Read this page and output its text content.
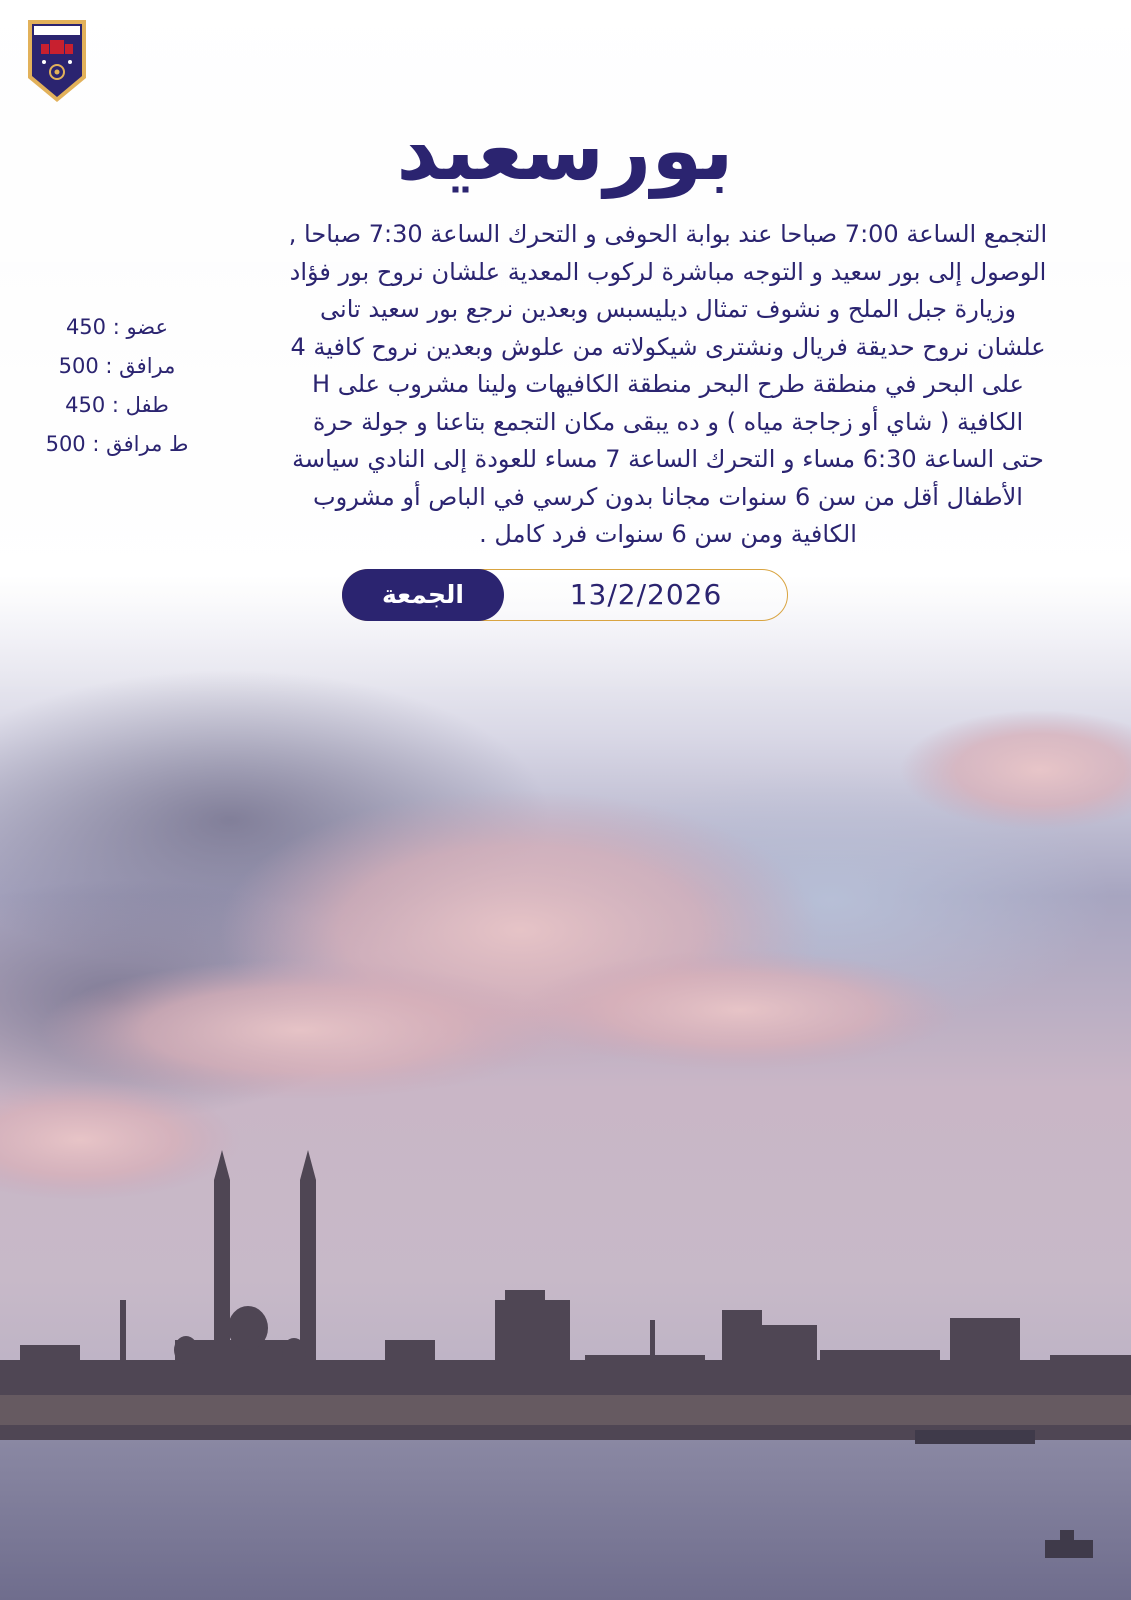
بورسعيد
التجمع الساعة 7:00 صباحا عند بوابة الحوفى و التحرك الساعة 7:30 صباحا ,
الوصول إلى بور سعيد و التوجه مباشرة لركوب المعدية علشان نروح بور فؤاد
وزيارة جبل الملح و نشوف تمثال ديليسبس وبعدين نرجع بور سعيد تانى
علشان نروح حديقة فريال ونشترى شيكولاته من علوش وبعدين نروح كافية 4
على البحر في منطقة طرح البحر منطقة الكافيهات ولينا مشروب على H
الكافية ( شاي أو زجاجة مياه ) و ده يبقى مكان التجمع بتاعنا و جولة حرة
حتى الساعة 6:30 مساء و التحرك الساعة 7 مساء للعودة إلى النادي سياسة
الأطفال أقل من سن 6 سنوات مجانا بدون كرسي في الباص أو مشروب
الكافية ومن سن 6 سنوات فرد كامل .
عضو : 450
مرافق : 500
طفل : 450
ط مرافق : 500
الجمعة	13/2/2026
